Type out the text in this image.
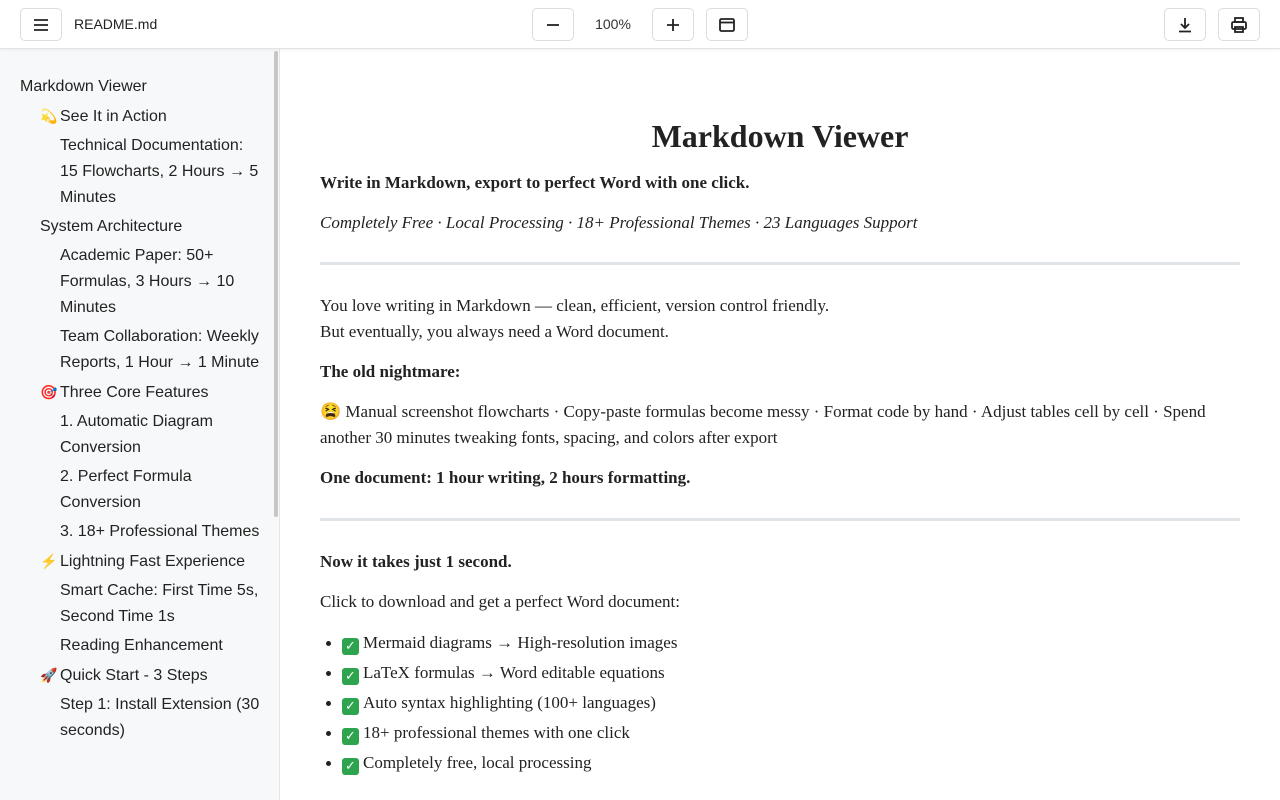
README.md	100%
Markdown Viewer
💫 See It in Action
Technical Documentation: 15 Flowcharts, 2 Hours → 5 Minutes
System Architecture
Academic Paper: 50+ Formulas, 3 Hours → 10 Minutes
Team Collaboration: Weekly Reports, 1 Hour → 1 Minute
🎯 Three Core Features
1. Automatic Diagram Conversion
2. Perfect Formula Conversion
3. 18+ Professional Themes
⚡ Lightning Fast Experience
Smart Cache: First Time 5s, Second Time 1s
Reading Enhancement
🚀 Quick Start - 3 Steps
Step 1: Install Extension (30 seconds)
Markdown Viewer

Write in Markdown, export to perfect Word with one click.

Completely Free · Local Processing · 18+ Professional Themes · 23 Languages Support

You love writing in Markdown — clean, efficient, version control friendly.

But eventually, you always need a Word document.

The old nightmare:

😫 Manual screenshot flowcharts · Copy-paste formulas become messy · Format code by hand · Adjust tables cell by cell · Spend another 30 minutes tweaking fonts, spacing, and colors after export

One document: 1 hour writing, 2 hours formatting.

Now it takes just 1 second.

Click to download and get a perfect Word document:

✓ Mermaid diagrams → High-resolution images
✓ LaTeX formulas → Word editable equations
✓ Auto syntax highlighting (100+ languages)
✓ 18+ professional themes with one click
✓ Completely free, local processing
